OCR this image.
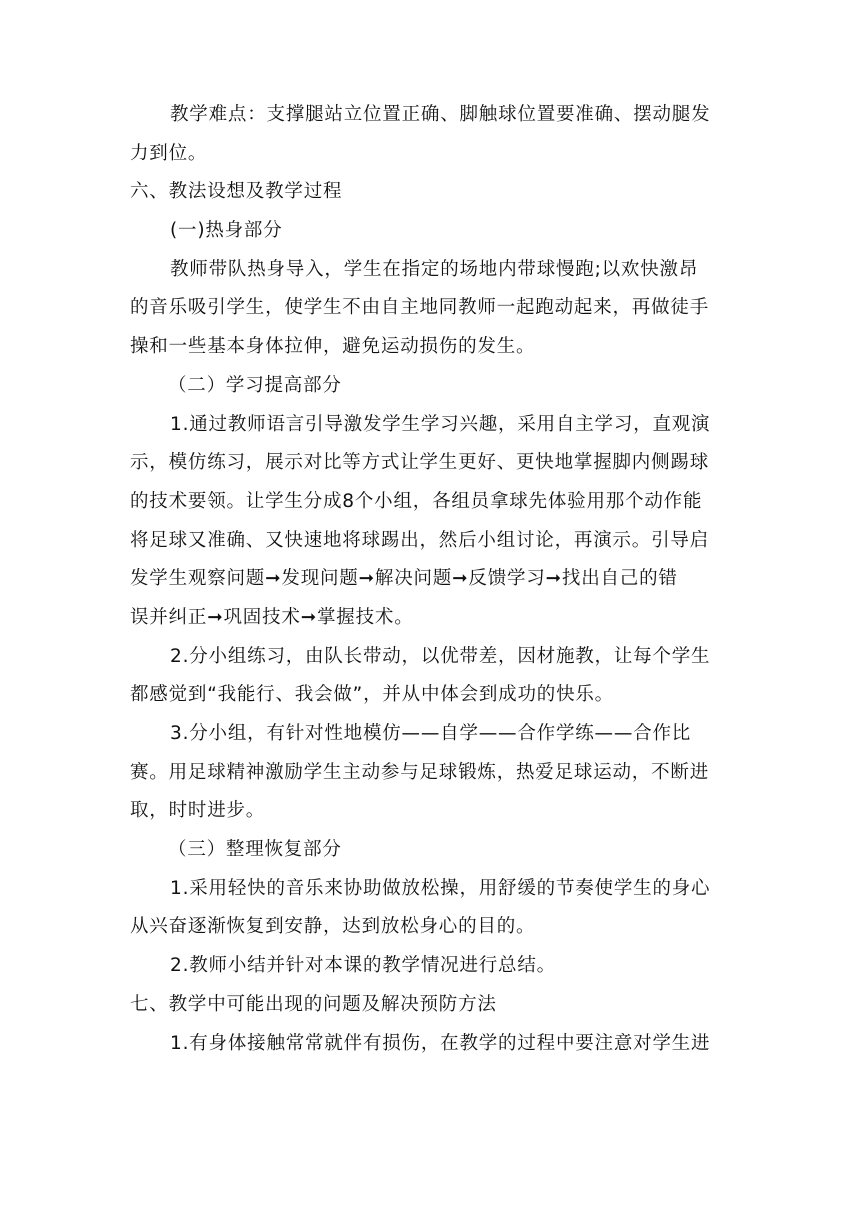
教学难点：支撑腿站立位置正确、脚触球位置要准确、摆动腿发
力到位。
六、教法设想及教学过程
(一)热身部分
教师带队热身导入，学生在指定的场地内带球慢跑;以欢快激昂
的音乐吸引学生，使学生不由自主地同教师一起跑动起来，再做徒手
操和一些基本身体拉伸，避免运动损伤的发生。
（二）学习提高部分
1.通过教师语言引导激发学生学习兴趣，采用自主学习，直观演
示，模仿练习，展示对比等方式让学生更好、更快地掌握脚内侧踢球
的技术要领。让学生分成8个小组，各组员拿球先体验用那个动作能
将足球又准确、又快速地将球踢出，然后小组讨论，再演示。引导启
发学生观察问题➞发现问题➞解决问题➞反馈学习➞找出自己的错
误并纠正➞巩固技术➞掌握技术。
2.分小组练习，由队长带动，以优带差，因材施教，让每个学生
都感觉到“我能行、我会做”，并从中体会到成功的快乐。
3.分小组，有针对性地模仿——自学——合作学练——合作比
赛。用足球精神激励学生主动参与足球锻炼，热爱足球运动，不断进
取，时时进步。
（三）整理恢复部分
1.采用轻快的音乐来协助做放松操，用舒缓的节奏使学生的身心
从兴奋逐渐恢复到安静，达到放松身心的目的。
2.教师小结并针对本课的教学情况进行总结。
七、教学中可能出现的问题及解决预防方法
1.有身体接触常常就伴有损伤，在教学的过程中要注意对学生进
